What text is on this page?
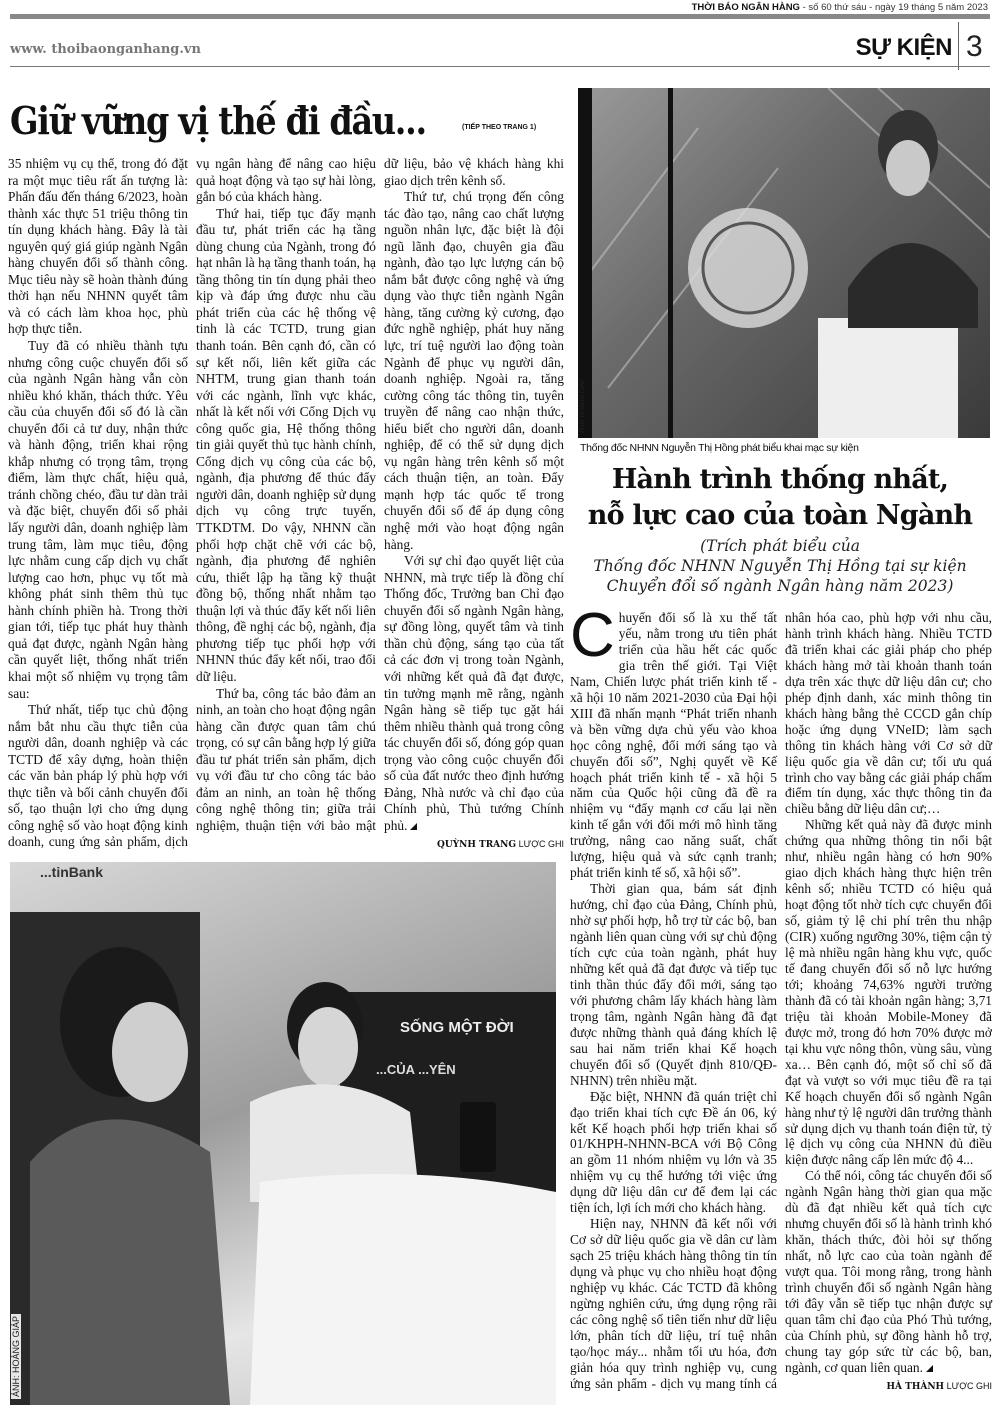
THỜI BÁO NGÂN HÀNG - số 60 thứ sáu - ngày 19 tháng 5 năm 2023
www. thoibaonganhang.vn	SỰ KIỆN 3
Giữ vững vị thế đi đầu...	(TIẾP THEO TRANG 1)

35 nhiệm vụ cụ thể, trong đó đặt ra một mục tiêu rất ấn tượng là: Phấn đấu đến tháng 6/2023, hoàn thành xác thực 51 triệu thông tin tín dụng khách hàng. Đây là tài nguyên quý giá giúp ngành Ngân hàng chuyển đổi số thành công. Mục tiêu này sẽ hoàn thành đúng thời hạn nếu NHNN quyết tâm và có cách làm khoa học, phù hợp thực tiễn.

Tuy đã có nhiều thành tựu nhưng công cuộc chuyển đổi số của ngành Ngân hàng vẫn còn nhiều khó khăn, thách thức. Yêu cầu của chuyển đổi số đó là cần chuyển đổi cả tư duy, nhận thức và hành động, triển khai rộng khắp nhưng có trọng tâm, trọng điểm, làm thực chất, hiệu quả, tránh chồng chéo, đầu tư dàn trải và đặc biệt, chuyển đổi số phải lấy người dân, doanh nghiệp làm trung tâm, làm mục tiêu, động lực nhằm cung cấp dịch vụ chất lượng cao hơn, phục vụ tốt mà không phát sinh thêm thủ tục hành chính phiền hà. Trong thời gian tới, tiếp tục phát huy thành quả đạt được, ngành Ngân hàng cần quyết liệt, thống nhất triển khai một số nhiệm vụ trọng tâm sau:

Thứ nhất, tiếp tục chủ động nắm bắt nhu cầu thực tiễn của người dân, doanh nghiệp và các TCTD để xây dựng, hoàn thiện các văn bản pháp lý phù hợp với thực tiễn và bối cảnh chuyển đổi số, tạo thuận lợi cho ứng dụng công nghệ số vào hoạt động kinh doanh, cung ứng sản phẩm, dịch vụ ngân hàng để nâng cao hiệu quả hoạt động và tạo sự hài lòng, gắn bó của khách hàng.

Thứ hai, tiếp tục đẩy mạnh đầu tư, phát triển các hạ tầng dùng chung của Ngành, trong đó hạt nhân là hạ tầng thanh toán, hạ tầng thông tin tín dụng phải theo kịp và đáp ứng được nhu cầu phát triển của các hệ thống vệ tinh là các TCTD, trung gian thanh toán. Bên cạnh đó, cần có sự kết nối, liên kết giữa các NHTM, trung gian thanh toán với các ngành, lĩnh vực khác, nhất là kết nối với Cổng Dịch vụ công quốc gia, Hệ thống thông tin giải quyết thủ tục hành chính, Cổng dịch vụ công của các bộ, ngành, địa phương để thúc đẩy người dân, doanh nghiệp sử dụng dịch vụ công trực tuyến, TTKDTM. Do vậy, NHNN cần phối hợp chặt chẽ với các bộ, ngành, địa phương để nghiên cứu, thiết lập hạ tầng kỹ thuật đồng bộ, thống nhất nhằm tạo thuận lợi và thúc đẩy kết nối liên thông, đề nghị các bộ, ngành, địa phương tiếp tục phối hợp với NHNN thúc đẩy kết nối, trao đổi dữ liệu.

Thứ ba, công tác bảo đảm an ninh, an toàn cho hoạt động ngân hàng cần được quan tâm chú trọng, có sự cân bằng hợp lý giữa đầu tư phát triển sản phẩm, dịch vụ với đầu tư cho công tác bảo đảm an ninh, an toàn hệ thống công nghệ thông tin; giữa trải nghiệm, thuận tiện với bảo mật dữ liệu, bảo vệ khách hàng khi giao dịch trên kênh số.

Thứ tư, chú trọng đến công tác đào tạo, nâng cao chất lượng nguồn nhân lực, đặc biệt là đội ngũ lãnh đạo, chuyên gia đầu ngành, đào tạo lực lượng cán bộ nắm bắt được công nghệ và ứng dụng vào thực tiễn ngành Ngân hàng, tăng cường kỷ cương, đạo đức nghề nghiệp, phát huy năng lực, trí tuệ người lao động toàn Ngành để phục vụ người dân, doanh nghiệp. Ngoài ra, tăng cường công tác thông tin, tuyên truyền để nâng cao nhận thức, hiểu biết cho người dân, doanh nghiệp, để có thể sử dụng dịch vụ ngân hàng trên kênh số một cách thuận tiện, an toàn. Đẩy mạnh hợp tác quốc tế trong chuyển đổi số để áp dụng công nghệ mới vào hoạt động ngân hàng.

Với sự chỉ đạo quyết liệt của NHNN, mà trực tiếp là đồng chí Thống đốc, Trưởng ban Chỉ đạo chuyển đổi số ngành Ngân hàng, sự đồng lòng, quyết tâm và tinh thần chủ động, sáng tạo của tất cả các đơn vị trong toàn Ngành, với những kết quả đã đạt được, tin tưởng mạnh mẽ rằng, ngành Ngân hàng sẽ tiếp tục gặt hái thêm nhiều thành quả trong công tác chuyển đổi số, đóng góp quan trọng vào công cuộc chuyển đổi số của đất nước theo định hướng Đảng, Nhà nước và chỉ đạo của Chính phủ, Thủ tướng Chính phủ.

QUỲNH TRANG LƯỢC GHI

ẢNH: HOÀNG GIÁP
Thống đốc NHNN Nguyễn Thị Hồng phát biểu khai mạc sự kiện
Hành trình thống nhất,
nỗ lực cao của toàn Ngành
(Trích phát biểu của
Thống đốc NHNN Nguyễn Thị Hồng tại sự kiện
Chuyển đổi số ngành Ngân hàng năm 2023)

Chuyển đổi số là xu thế tất yếu, nằm trong ưu tiên phát triển của hầu hết các quốc gia trên thế giới. Tại Việt Nam, Chiến lược phát triển kinh tế - xã hội 10 năm 2021-2030 của Đại hội XIII đã nhấn mạnh “Phát triển nhanh và bền vững dựa chủ yếu vào khoa học công nghệ, đổi mới sáng tạo và chuyển đổi số”, Nghị quyết về Kế hoạch phát triển kinh tế - xã hội 5 năm của Quốc hội cũng đã đề ra nhiệm vụ “đẩy mạnh cơ cấu lại nền kinh tế gắn với đổi mới mô hình tăng trưởng, nâng cao năng suất, chất lượng, hiệu quả và sức cạnh tranh; phát triển kinh tế số, xã hội số”.

Thời gian qua, bám sát định hướng, chỉ đạo của Đảng, Chính phủ, nhờ sự phối hợp, hỗ trợ từ các bộ, ban ngành liên quan cùng với sự chủ động tích cực của toàn ngành, phát huy những kết quả đã đạt được và tiếp tục tinh thần thúc đẩy đổi mới, sáng tạo với phương châm lấy khách hàng làm trọng tâm, ngành Ngân hàng đã đạt được những thành quả đáng khích lệ sau hai năm triển khai Kế hoạch chuyển đổi số (Quyết định 810/QĐ-NHNN) trên nhiều mặt.

Đặc biệt, NHNN đã quán triệt chỉ đạo triển khai tích cực Đề án 06, ký kết Kế hoạch phối hợp triển khai số 01/KHPH-NHNN-BCA với Bộ Công an gồm 11 nhóm nhiệm vụ lớn và 35 nhiệm vụ cụ thể hướng tới việc ứng dụng dữ liệu dân cư để đem lại các tiện ích, lợi ích mới cho khách hàng.

Hiện nay, NHNN đã kết nối với Cơ sở dữ liệu quốc gia về dân cư làm sạch 25 triệu khách hàng thông tin tín dụng và phục vụ cho nhiều hoạt động nghiệp vụ khác. Các TCTD đã không ngừng nghiên cứu, ứng dụng rộng rãi các công nghệ số tiên tiến như dữ liệu lớn, phân tích dữ liệu, trí tuệ nhân tạo/học máy... nhằm tối ưu hóa, đơn giản hóa quy trình nghiệp vụ, cung ứng sản phẩm - dịch vụ mang tính cá nhân hóa cao, phù hợp với nhu cầu, hành trình khách hàng. Nhiều TCTD đã triển khai các giải pháp cho phép khách hàng mở tài khoản thanh toán dựa trên xác thực dữ liệu dân cư; cho phép định danh, xác minh thông tin khách hàng bằng thẻ CCCD gắn chíp hoặc ứng dụng VNeID; làm sạch thông tin khách hàng với Cơ sở dữ liệu quốc gia về dân cư; tối ưu quá trình cho vay bằng các giải pháp chấm điểm tín dụng, xác thực thông tin đa chiều bằng dữ liệu dân cư;…

Những kết quả này đã được minh chứng qua những thông tin nổi bật như, nhiều ngân hàng có hơn 90% giao dịch khách hàng thực hiện trên kênh số; nhiều TCTD có hiệu quả hoạt động tốt nhờ tích cực chuyển đổi số, giảm tỷ lệ chi phí trên thu nhập (CIR) xuống ngưỡng 30%, tiệm cận tỷ lệ mà nhiều ngân hàng khu vực, quốc tế đang chuyển đổi số nỗ lực hướng tới; khoảng 74,63% người trưởng thành đã có tài khoản ngân hàng; 3,71 triệu tài khoản Mobile-Money đã được mở, trong đó hơn 70% được mở tại khu vực nông thôn, vùng sâu, vùng xa… Bên cạnh đó, một số chỉ số đã đạt và vượt so với mục tiêu đề ra tại Kế hoạch chuyển đổi số ngành Ngân hàng như tỷ lệ người dân trưởng thành sử dụng dịch vụ thanh toán điện tử, tỷ lệ dịch vụ công của NHNN đủ điều kiện được nâng cấp lên mức độ 4...

Có thể nói, công tác chuyển đổi số ngành Ngân hàng thời gian qua mặc dù đã đạt nhiều kết quả tích cực nhưng chuyển đổi số là hành trình khó khăn, thách thức, đòi hỏi sự thống nhất, nỗ lực cao của toàn ngành để vượt qua. Tôi mong rằng, trong hành trình chuyển đổi số ngành Ngân hàng tới đây vẫn sẽ tiếp tục nhận được sự quan tâm chỉ đạo của Phó Thủ tướng, của Chính phủ, sự đồng hành hỗ trợ, chung tay góp sức từ các bộ, ban, ngành, cơ quan liên quan.
HÀ THÀNH LƯỢC GHI

...tinBank
SỐNG MỘT ĐỜI
...CỦA ...YÊN
ẢNH: HOÀNG GIÁP
